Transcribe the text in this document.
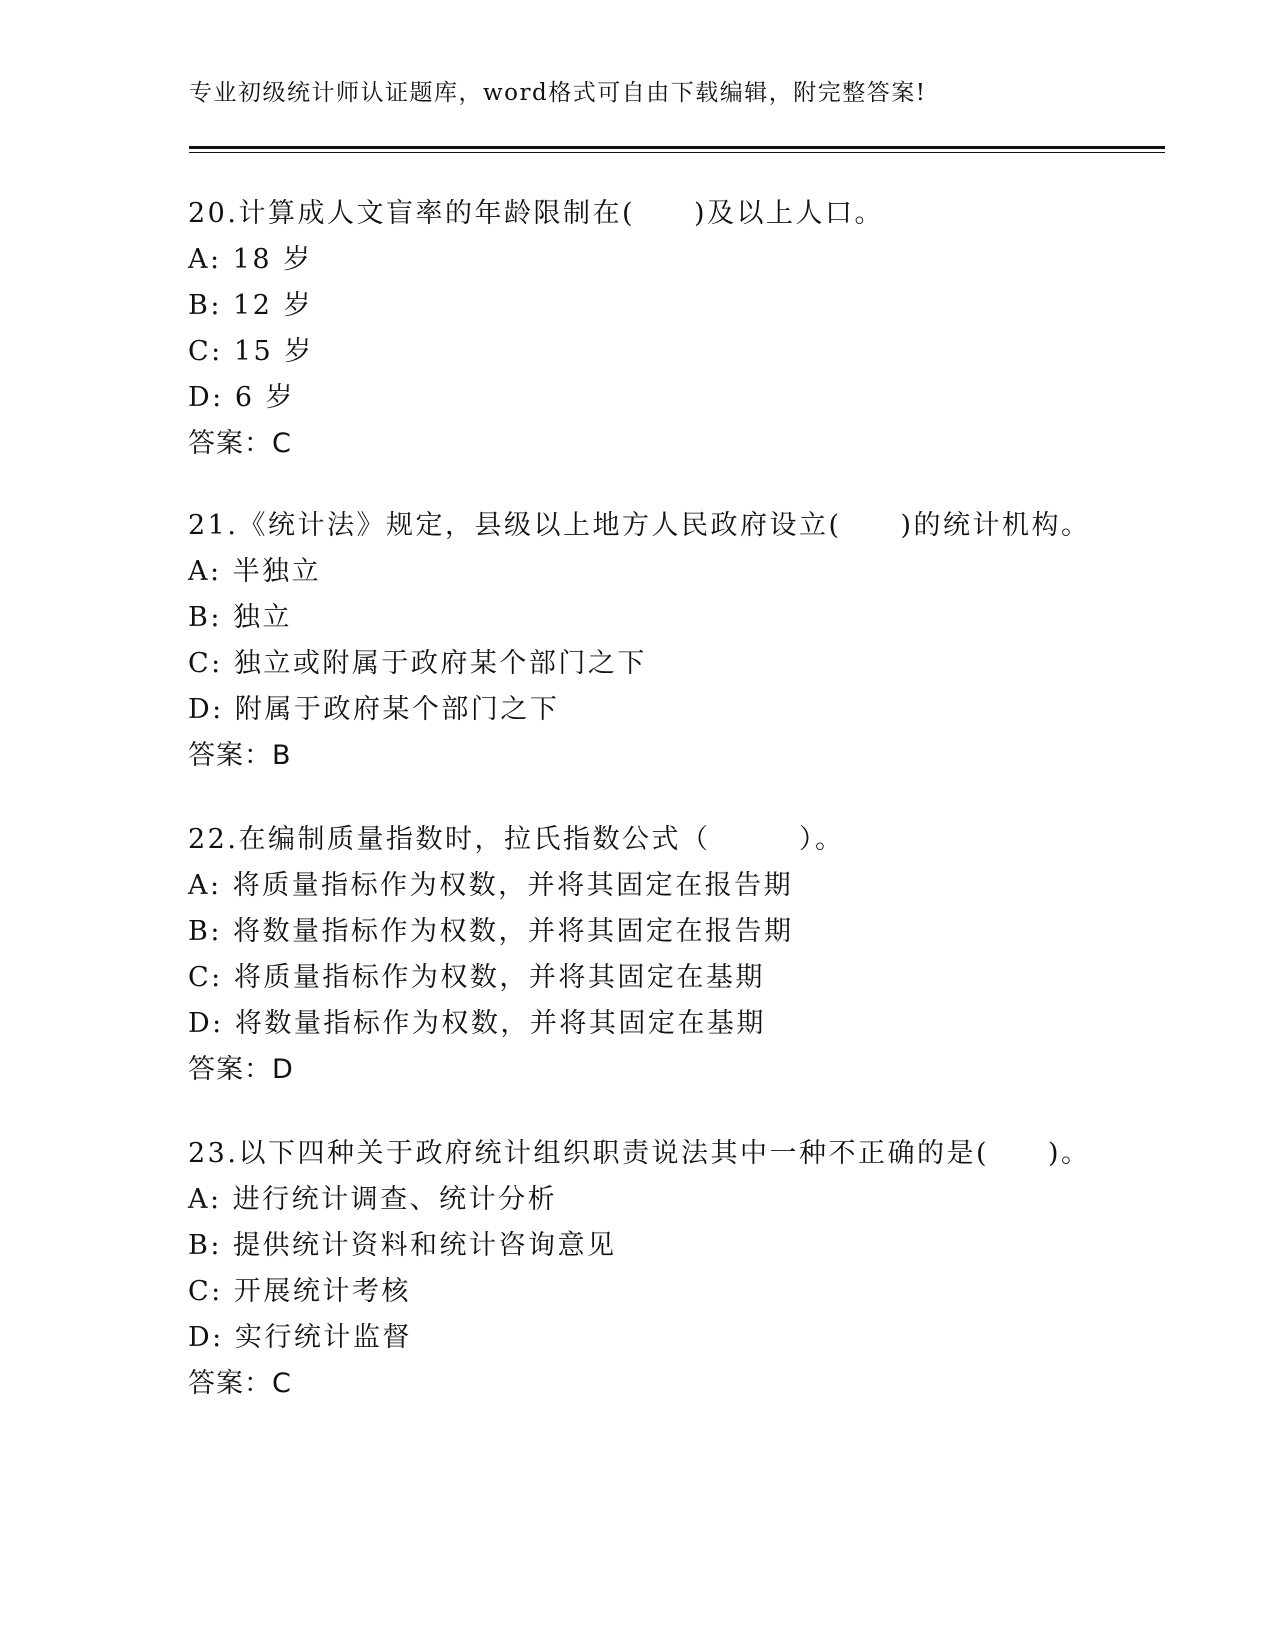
专业初级统计师认证题库，word格式可自由下载编辑，附完整答案!
20.计算成人文盲率的年龄限制在(　　)及以上人口。
A: 18 岁
B: 12 岁
C: 15 岁
D: 6 岁
答案：C
21.《统计法》规定，县级以上地方人民政府设立(　　)的统计机构。
A: 半独立
B: 独立
C: 独立或附属于政府某个部门之下
D: 附属于政府某个部门之下
答案：B
22.在编制质量指数时，拉氏指数公式（　　　）。
A: 将质量指标作为权数，并将其固定在报告期
B: 将数量指标作为权数，并将其固定在报告期
C: 将质量指标作为权数，并将其固定在基期
D: 将数量指标作为权数，并将其固定在基期
答案：D
23.以下四种关于政府统计组织职责说法其中一种不正确的是(　　)。
A: 进行统计调查、统计分析
B: 提供统计资料和统计咨询意见
C: 开展统计考核
D: 实行统计监督
答案：C
